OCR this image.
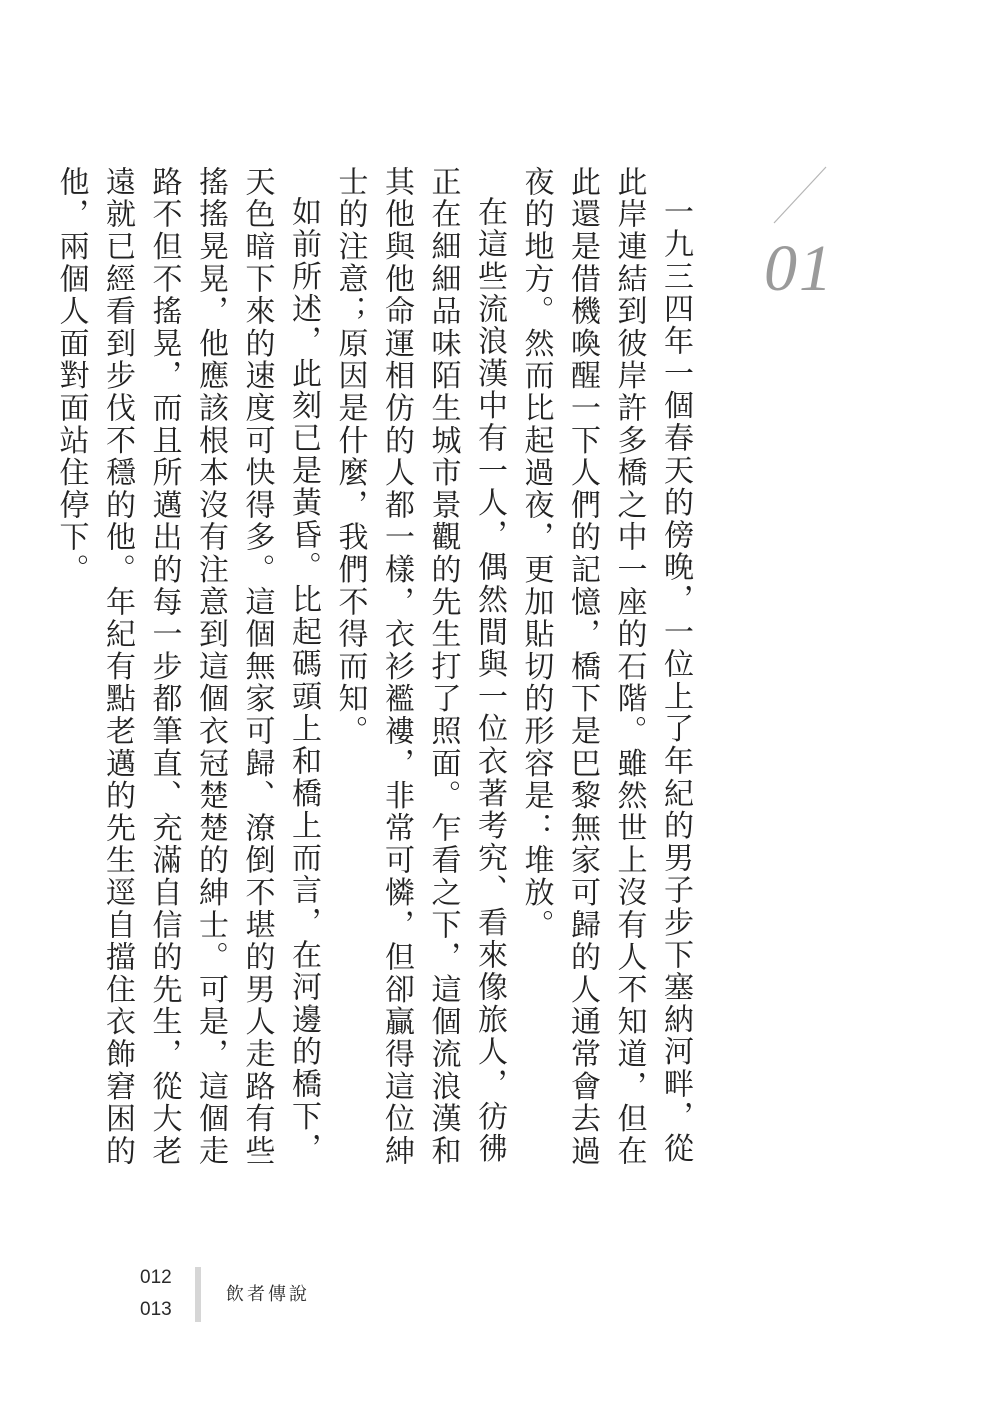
01

一九三四年一個春天的傍晚，一位上了年紀的男子步下塞納河畔，從此岸連結到彼岸許多橋之中一座的石階。雖然世上沒有人不知道，但在此還是借機喚醒一下人們的記憶，橋下是巴黎無家可歸的人通常會去過夜的地方。然而比起過夜，更加貼切的形容是：堆放。

在這些流浪漢中有一人，偶然間與一位衣著考究、看來像旅人，彷彿正在細細品味陌生城市景觀的先生打了照面。乍看之下，這個流浪漢和其他與他命運相仿的人都一樣，衣衫襤褸，非常可憐，但卻贏得這位紳士的注意；原因是什麼，我們不得而知。

如前所述，此刻已是黃昏。比起碼頭上和橋上而言，在河邊的橋下，天色暗下來的速度可快得多。這個無家可歸、潦倒不堪的男人走路有些搖搖晃晃，他應該根本沒有注意到這個衣冠楚楚的紳士。可是，這個走路不但不搖晃，而且所邁出的每一步都筆直、充滿自信的先生，從大老遠就已經看到步伐不穩的他。年紀有點老邁的先生逕自擋住衣飾窘困的他，兩個人面對面站住停下。

012
013
飲者傳說
